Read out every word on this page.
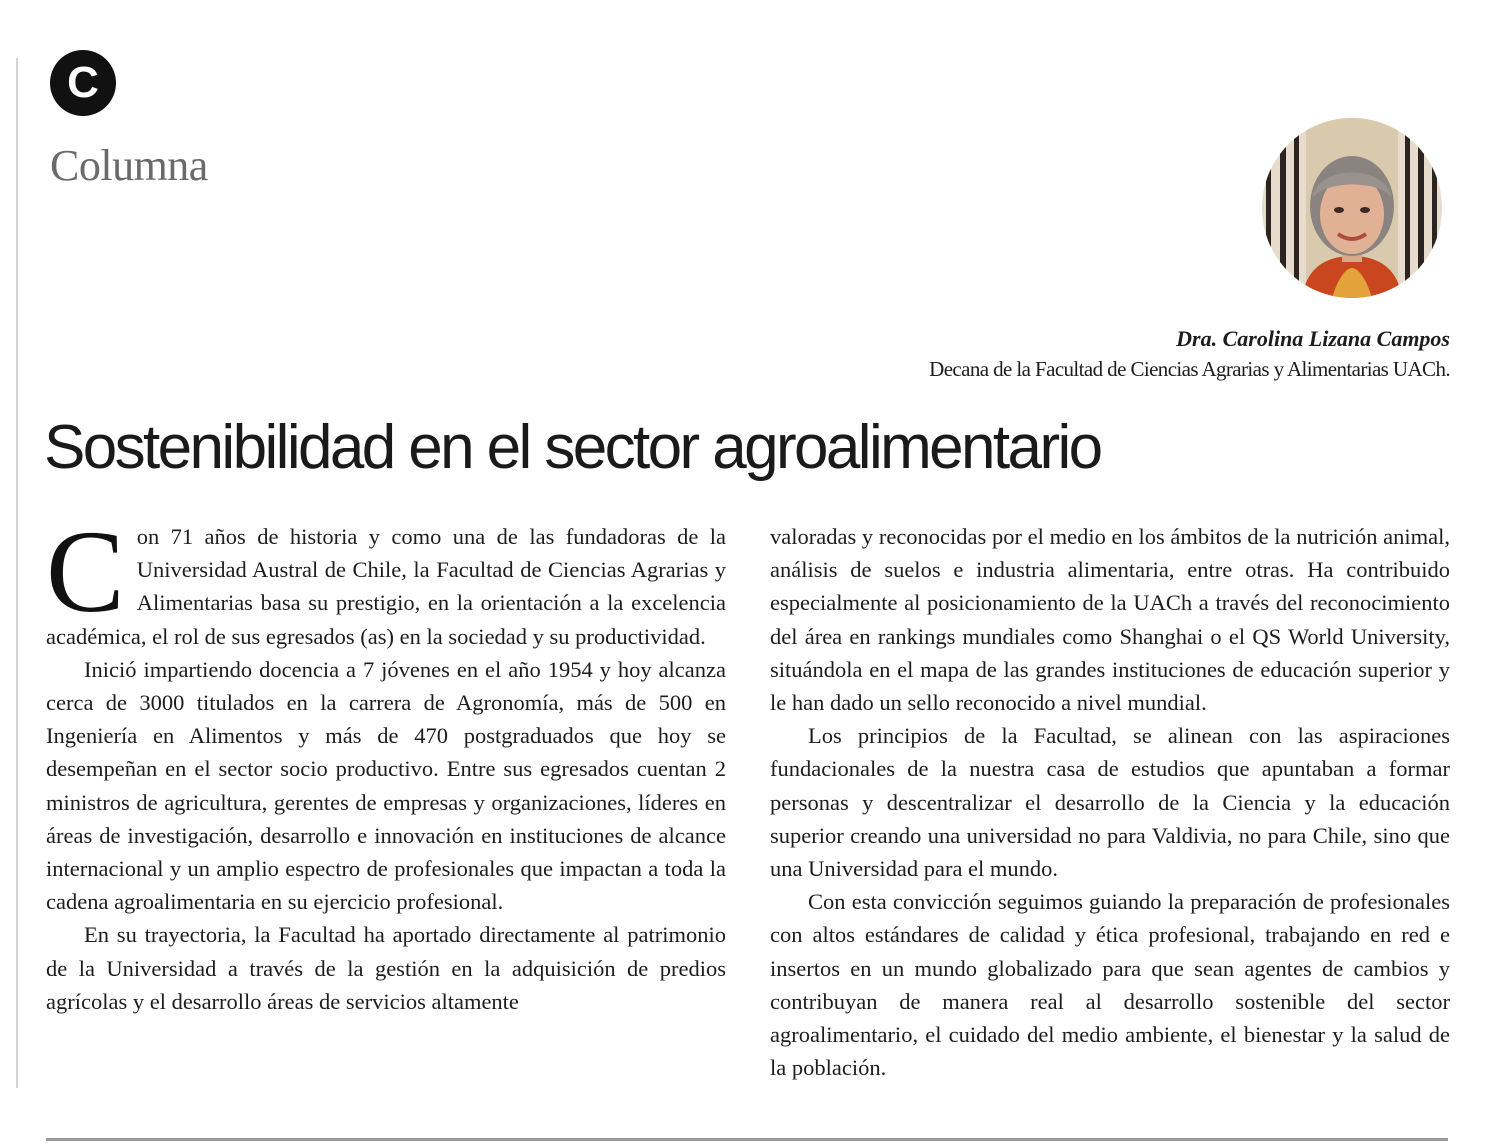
C
Columna
Dra. Carolina Lizana Campos
Decana de la Facultad de Ciencias Agrarias y Alimentarias UACh.
Sostenibilidad en el sector agroalimentario

Con 71 años de historia y como una de las fundadoras de la Universidad Austral de Chile, la Facultad de Ciencias Agrarias y Alimentarias basa su prestigio, en la orientación a la excelencia académica, el rol de sus egresados (as) en la sociedad y su productividad.

Inició impartiendo docencia a 7 jóvenes en el año 1954 y hoy alcanza cerca de 3000 titulados en la carrera de Agronomía, más de 500 en Ingeniería en Alimentos y más de 470 postgraduados que hoy se desempeñan en el sector socio productivo. Entre sus egresados cuentan 2 ministros de agricultura, gerentes de empresas y organizaciones, líderes en áreas de investigación, desarrollo e innovación en instituciones de alcance internacional y un amplio espectro de profesionales que impactan a toda la cadena agroalimentaria en su ejercicio profesional.

En su trayectoria, la Facultad ha aportado directamente al patrimonio de la Universidad a través de la gestión en la adquisición de predios agrícolas y el desarrollo áreas de servicios altamente

valoradas y reconocidas por el medio en los ámbitos de la nutrición animal, análisis de suelos e industria alimentaria, entre otras. Ha contribuido especialmente al posicionamiento de la UACh a través del reconocimiento del área en rankings mundiales como Shanghai o el QS World University, situándola en el mapa de las grandes instituciones de educación superior y le han dado un sello reconocido a nivel mundial.

Los principios de la Facultad, se alinean con las aspiraciones fundacionales de la nuestra casa de estudios que apuntaban a formar personas y descentralizar el desarrollo de la Ciencia y la educación superior creando una universidad no para Valdivia, no para Chile, sino que una Universidad para el mundo.

Con esta convicción seguimos guiando la preparación de profesionales con altos estándares de calidad y ética profesional, trabajando en red e insertos en un mundo globalizado para que sean agentes de cambios y contribuyan de manera real al desarrollo sostenible del sector agroalimentario, el cuidado del medio ambiente, el bienestar y la salud de la población.
